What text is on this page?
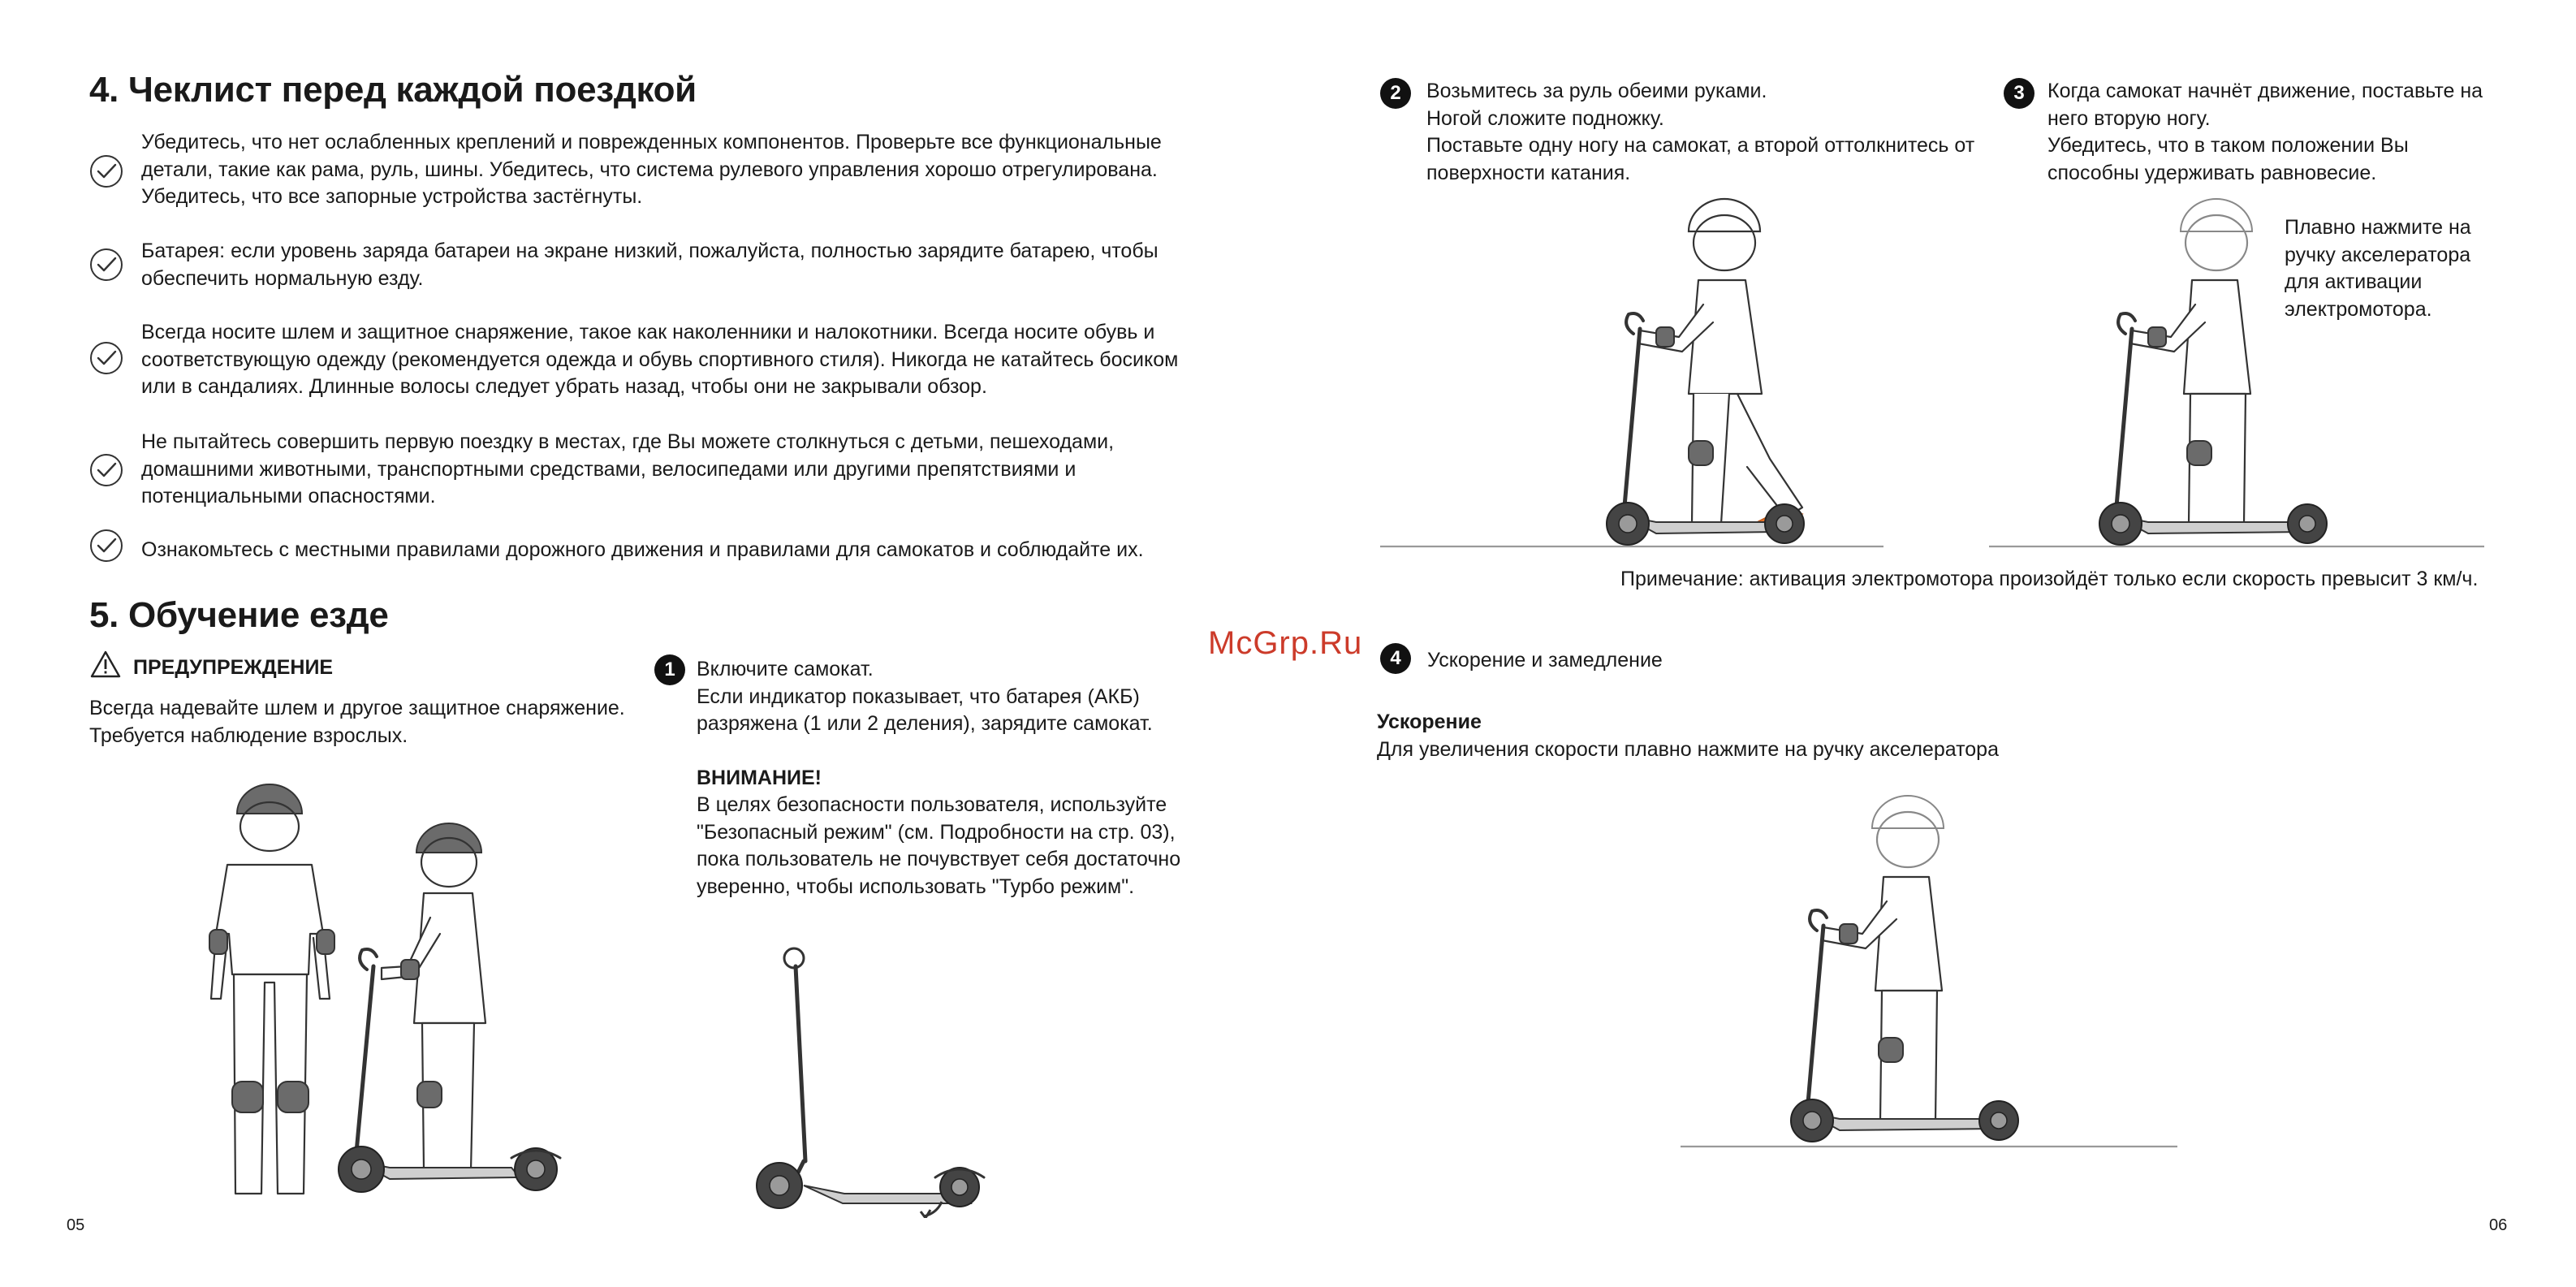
4. Чеклист перед каждой поездкой
Убедитесь, что нет ослабленных креплений и поврежденных компонентов. Проверьте все функциональные
детали, такие как рама, руль, шины. Убедитесь, что система рулевого управления хорошо отрегулирована.
Убедитесь, что все запорные устройства застёгнуты.
Батарея: если уровень заряда батареи на экране низкий, пожалуйста, полностью зарядите батарею, чтобы
обеспечить нормальную езду.
Всегда носите шлем и защитное снаряжение, такое как наколенники и налокотники. Всегда носите обувь и
соответствующую одежду (рекомендуется одежда и обувь спортивного стиля). Никогда не катайтесь босиком
или в сандалиях. Длинные волосы следует убрать назад, чтобы они не закрывали обзор.
Не пытайтесь совершить первую поездку в местах, где Вы можете столкнуться с детьми, пешеходами,
домашними животными, транспортными средствами, велосипедами или другими препятствиями и
потенциальными опасностями.
Ознакомьтесь с местными правилами дорожного движения и правилами для самокатов и соблюдайте их.
5. Обучение езде
ПРЕДУПРЕЖДЕНИЕ
Всегда надевайте шлем и другое защитное снаряжение.
Требуется наблюдение взрослых.
1	Включите самокат.
Если индикатор показывает, что батарея (АКБ)
разряжена (1 или 2 деления), зарядите самокат.
ВНИМАНИЕ!
В целях безопасности пользователя, используйте
"Безопасный режим" (см. Подробности на стр. 03),
пока пользователь не почувствует себя достаточно
уверенно, чтобы использовать "Турбо режим".
McGrp.Ru
05
2	Возьмитесь за руль обеими руками.
Ногой сложите подножку.
Поставьте одну ногу на самокат, а второй оттолкнитесь от
поверхности катания.
3	Когда самокат начнёт движение, поставьте на
него вторую ногу.
Убедитесь, что в таком положении Вы
способны удерживать равновесие.
Плавно нажмите на
ручку акселератора
для активации
электромотора.
Примечание: активация электромотора произойдёт только если скорость превысит 3 км/ч.
4	Ускорение и замедление
Ускорение
Для увеличения скорости плавно нажмите на ручку акселератора
06
